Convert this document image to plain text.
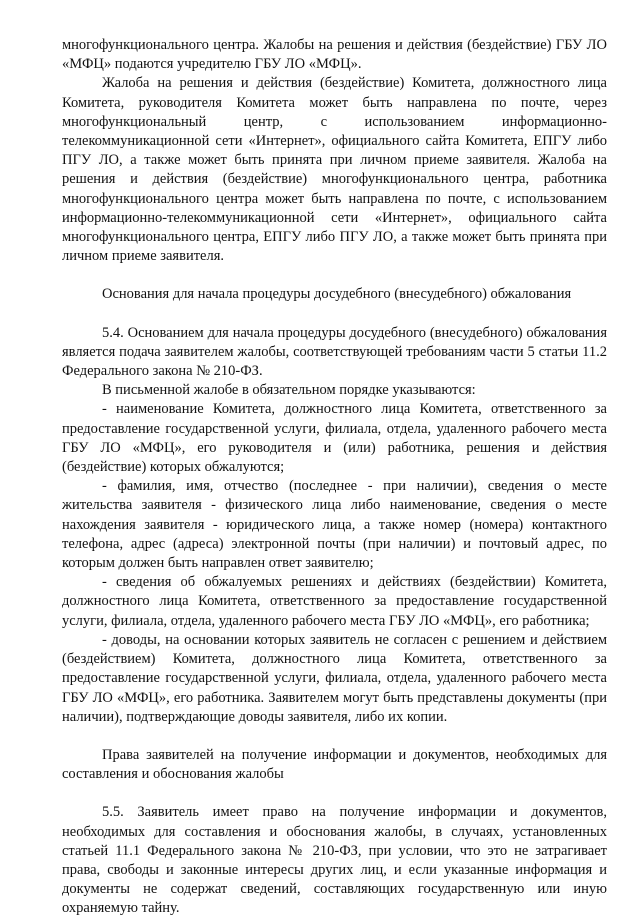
многофункционального центра. Жалобы на решения и действия (бездействие) ГБУ ЛО «МФЦ» подаются учредителю ГБУ ЛО «МФЦ».

Жалоба на решения и действия (бездействие) Комитета, должностного лица Комитета, руководителя Комитета может быть направлена по почте, через многофункциональный центр, с использованием информационно-телекоммуникационной сети «Интернет», официального сайта Комитета, ЕПГУ либо ПГУ ЛО, а также может быть принята при личном приеме заявителя. Жалоба на решения и действия (бездействие) многофункционального центра, работника многофункционального центра может быть направлена по почте, с использованием информационно-телекоммуникационной сети «Интернет», официального сайта многофункционального центра, ЕПГУ либо ПГУ ЛО, а также может быть принята при личном приеме заявителя.

Основания для начала процедуры досудебного (внесудебного) обжалования

5.4. Основанием для начала процедуры досудебного (внесудебного) обжалования является подача заявителем жалобы, соответствующей требованиям части 5 статьи 11.2 Федерального закона № 210-ФЗ.

В письменной жалобе в обязательном порядке указываются:

- наименование Комитета, должностного лица Комитета, ответственного за предоставление государственной услуги, филиала, отдела, удаленного рабочего места ГБУ ЛО «МФЦ», его руководителя и (или) работника, решения и действия (бездействие) которых обжалуются;

- фамилия, имя, отчество (последнее - при наличии), сведения о месте жительства заявителя - физического лица либо наименование, сведения о месте нахождения заявителя - юридического лица, а также номер (номера) контактного телефона, адрес (адреса) электронной почты (при наличии) и почтовый адрес, по которым должен быть направлен ответ заявителю;

- сведения об обжалуемых решениях и действиях (бездействии) Комитета, должностного лица Комитета, ответственного за предоставление государственной услуги, филиала, отдела, удаленного рабочего места ГБУ ЛО «МФЦ», его работника;

- доводы, на основании которых заявитель не согласен с решением и действием (бездействием) Комитета, должностного лица Комитета, ответственного за предоставление государственной услуги, филиала, отдела, удаленного рабочего места ГБУ ЛО «МФЦ», его работника. Заявителем могут быть представлены документы (при наличии), подтверждающие доводы заявителя, либо их копии.

Права заявителей на получение информации и документов, необходимых для составления и обоснования жалобы

5.5. Заявитель имеет право на получение информации и документов, необходимых для составления и обоснования жалобы, в случаях, установленных статьей 11.1 Федерального закона № 210-ФЗ, при условии, что это не затрагивает права, свободы и законные интересы других лиц, и если указанные информация и документы не содержат сведений, составляющих государственную или иную охраняемую тайну.
